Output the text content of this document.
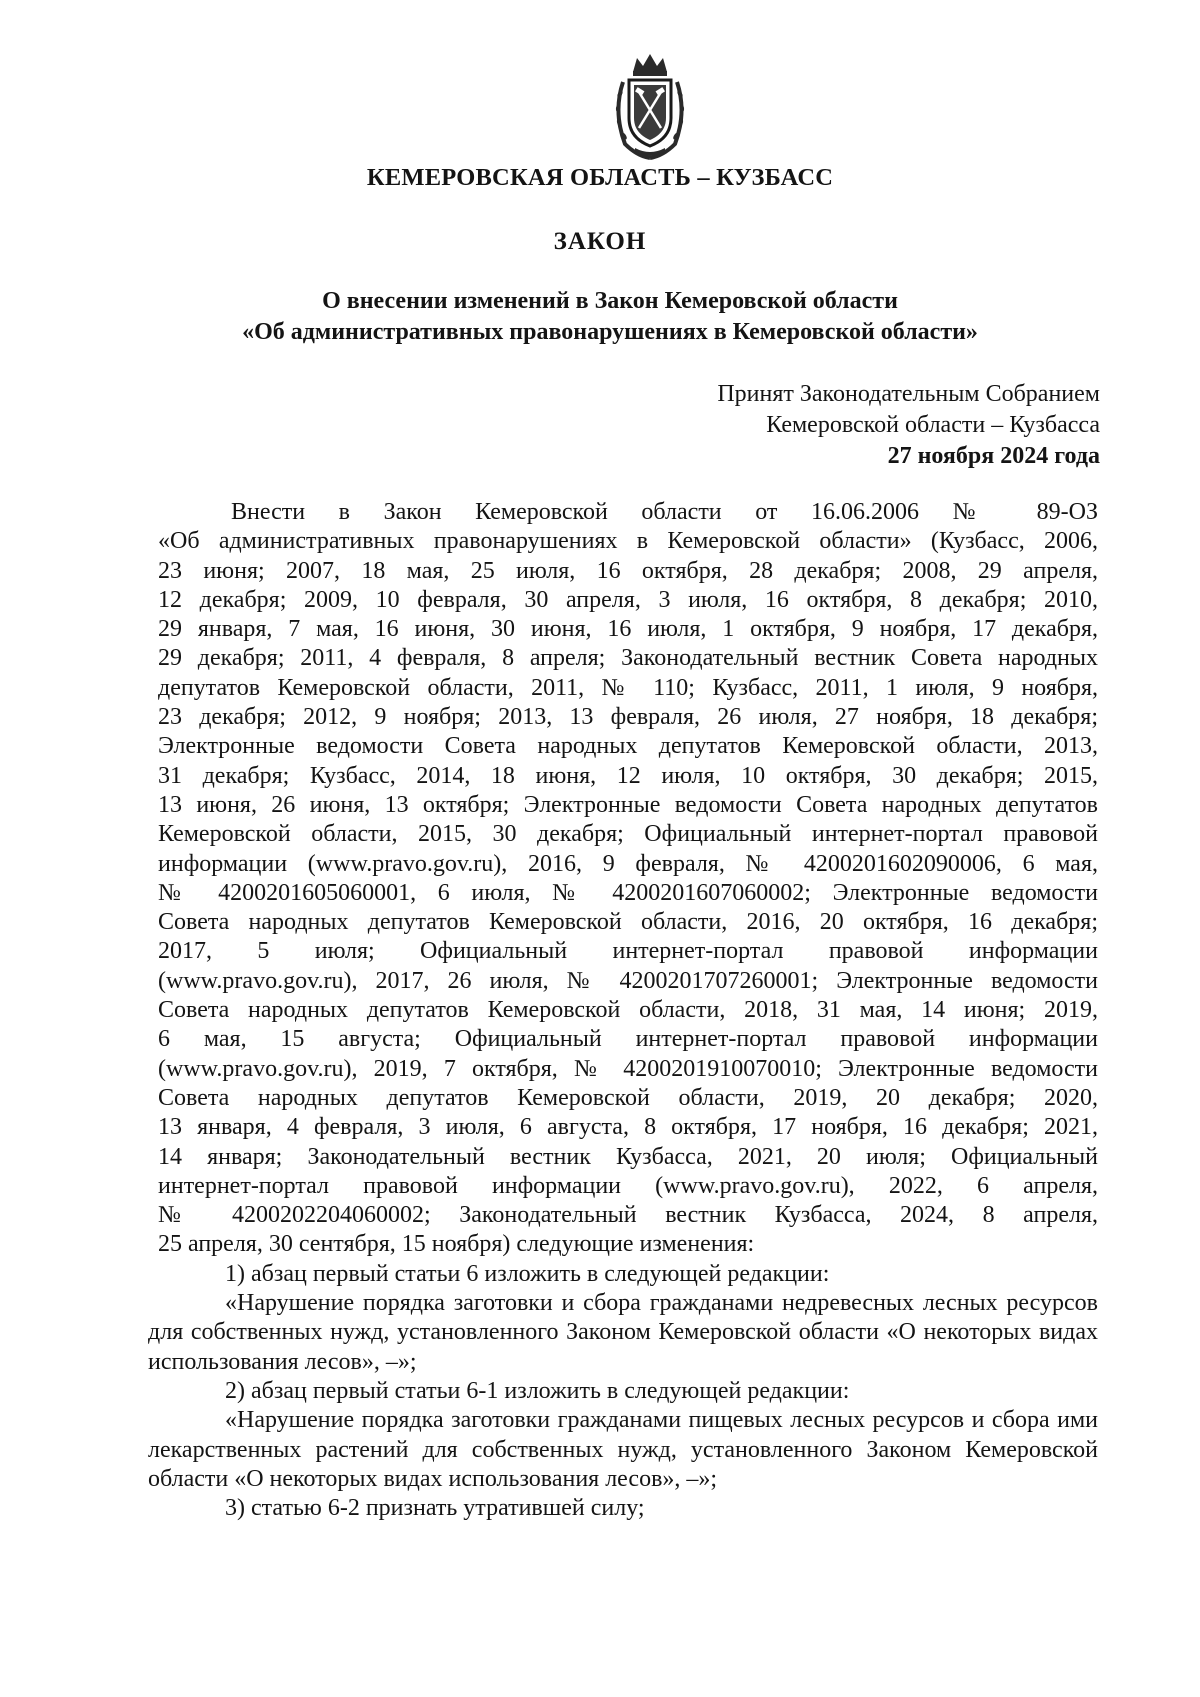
КЕМЕРОВСКАЯ ОБЛАСТЬ – КУЗБАСС
ЗАКОН
О внесении изменений в Закон Кемеровской области
«Об административных правонарушениях в Кемеровской области»
Принят Законодательным Собранием
Кемеровской области – Кузбасса
27 ноября 2024 года
Внести в Закон Кемеровской области от 16.06.2006 № 89-ОЗ
«Об административных правонарушениях в Кемеровской области» (Кузбасс, 2006,
23 июня; 2007, 18 мая, 25 июля, 16 октября, 28 декабря; 2008, 29 апреля,
12 декабря; 2009, 10 февраля, 30 апреля, 3 июля, 16 октября, 8 декабря; 2010,
29 января, 7 мая, 16 июня, 30 июня, 16 июля, 1 октября, 9 ноября, 17 декабря,
29 декабря; 2011, 4 февраля, 8 апреля; Законодательный вестник Совета народных
депутатов Кемеровской области, 2011, № 110; Кузбасс, 2011, 1 июля, 9 ноября,
23 декабря; 2012, 9 ноября; 2013, 13 февраля, 26 июля, 27 ноября, 18 декабря;
Электронные ведомости Совета народных депутатов Кемеровской области, 2013,
31 декабря; Кузбасс, 2014, 18 июня, 12 июля, 10 октября, 30 декабря; 2015,
13 июня, 26 июня, 13 октября; Электронные ведомости Совета народных депутатов
Кемеровской области, 2015, 30 декабря; Официальный интернет-портал правовой
информации (www.pravo.gov.ru), 2016, 9 февраля, № 4200201602090006, 6 мая,
№ 4200201605060001, 6 июля, № 4200201607060002; Электронные ведомости
Совета народных депутатов Кемеровской области, 2016, 20 октября, 16 декабря;
2017, 5 июля; Официальный интернет-портал правовой информации
(www.pravo.gov.ru), 2017, 26 июля, № 4200201707260001; Электронные ведомости
Совета народных депутатов Кемеровской области, 2018, 31 мая, 14 июня; 2019,
6 мая, 15 августа; Официальный интернет-портал правовой информации
(www.pravo.gov.ru), 2019, 7 октября, № 4200201910070010; Электронные ведомости
Совета народных депутатов Кемеровской области, 2019, 20 декабря; 2020,
13 января, 4 февраля, 3 июля, 6 августа, 8 октября, 17 ноября, 16 декабря; 2021,
14 января; Законодательный вестник Кузбасса, 2021, 20 июля; Официальный
интернет-портал правовой информации (www.pravo.gov.ru), 2022, 6 апреля,
№ 4200202204060002; Законодательный вестник Кузбасса, 2024, 8 апреля,
25 апреля, 30 сентября, 15 ноября) следующие изменения:

1) абзац первый статьи 6 изложить в следующей редакции:

«Нарушение порядка заготовки и сбора гражданами недревесных лесных ресурсов для собственных нужд, установленного Законом Кемеровской области «О некоторых видах использования лесов», –»;

2) абзац первый статьи 6-1 изложить в следующей редакции:

«Нарушение порядка заготовки гражданами пищевых лесных ресурсов и сбора ими лекарственных растений для собственных нужд, установленного Законом Кемеровской области «О некоторых видах использования лесов», –»;

3) статью 6-2 признать утратившей силу;
